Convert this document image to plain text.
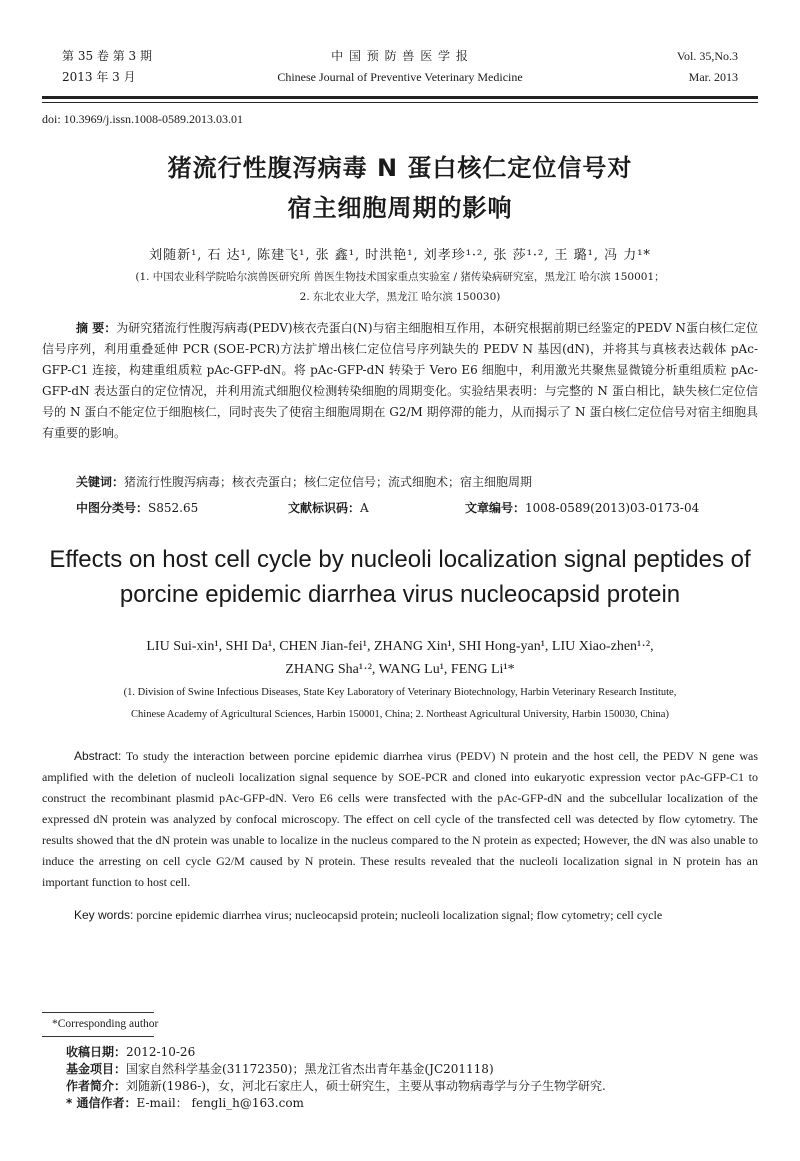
第 35 卷 第 3 期
2013 年 3 月
中 国 预 防 兽 医 学 报
Chinese Journal of Preventive Veterinary Medicine
Vol. 35,No.3
Mar. 2013
doi: 10.3969/j.issn.1008-0589.2013.03.01
猪流行性腹泻病毒 N 蛋白核仁定位信号对
宿主细胞周期的影响
刘随新¹, 石 达¹, 陈建飞¹, 张 鑫¹, 时洪艳¹, 刘孝珍¹·², 张 莎¹·², 王 璐¹, 冯 力¹*
(1. 中国农业科学院哈尔滨兽医研究所 兽医生物技术国家重点实验室 / 猪传染病研究室，黑龙江 哈尔滨 150001；
2. 东北农业大学，黑龙江 哈尔滨 150030)
摘 要：为研究猪流行性腹泻病毒(PEDV)核衣壳蛋白(N)与宿主细胞相互作用，本研究根据前期已经鉴定的PEDV N蛋白核仁定位信号序列，利用重叠延伸 PCR (SOE-PCR)方法扩增出核仁定位信号序列缺失的 PEDV N 基因(dN)，并将其与真核表达载体 pAc-GFP-C1 连接，构建重组质粒 pAc-GFP-dN。将 pAc-GFP-dN 转染于 Vero E6 细胞中，利用激光共聚焦显微镜分析重组质粒 pAc-GFP-dN 表达蛋白的定位情况，并利用流式细胞仪检测转染细胞的周期变化。实验结果表明：与完整的 N 蛋白相比，缺失核仁定位信号的 N 蛋白不能定位于细胞核仁，同时丧失了使宿主细胞周期在 G2/M 期停滞的能力，从而揭示了 N 蛋白核仁定位信号对宿主细胞具有重要的影响。
关键词：猪流行性腹泻病毒；核衣壳蛋白；核仁定位信号；流式细胞术；宿主细胞周期
中图分类号：S852.65	文献标识码：A	文章编号：1008-0589(2013)03-0173-04
Effects on host cell cycle by nucleoli localization signal peptides of
porcine epidemic diarrhea virus nucleocapsid protein
LIU Sui-xin¹, SHI Da¹, CHEN Jian-fei¹, ZHANG Xin¹, SHI Hong-yan¹, LIU Xiao-zhen¹·²,
ZHANG Sha¹·², WANG Lu¹, FENG Li¹*
(1. Division of Swine Infectious Diseases, State Key Laboratory of Veterinary Biotechnology, Harbin Veterinary Research Institute,
Chinese Academy of Agricultural Sciences, Harbin 150001, China; 2. Northeast Agricultural University, Harbin 150030, China)
Abstract: To study the interaction between porcine epidemic diarrhea virus (PEDV) N protein and the host cell, the PEDV N gene was amplified with the deletion of nucleoli localization signal sequence by SOE-PCR and cloned into eukaryotic expression vector pAc-GFP-C1 to construct the recombinant plasmid pAc-GFP-dN. Vero E6 cells were transfected with the pAc-GFP-dN and the subcellular localization of the expressed dN protein was analyzed by confocal microscopy. The effect on cell cycle of the transfected cell was detected by flow cytometry. The results showed that the dN protein was unable to localize in the nucleus compared to the N protein as expected; However, the dN was also unable to induce the arresting on cell cycle G2/M caused by N protein. These results revealed that the nucleoli localization signal in N protein has an important function to host cell.
Key words: porcine epidemic diarrhea virus; nucleocapsid protein; nucleoli localization signal; flow cytometry; cell cycle
*Corresponding author
收稿日期：2012-10-26
基金项目：国家自然科学基金(31172350)；黑龙江省杰出青年基金(JC201118)
作者简介：刘随新(1986-)，女，河北石家庄人，硕士研究生，主要从事动物病毒学与分子生物学研究.
* 通信作者：E-mail： fengli_h@163.com
